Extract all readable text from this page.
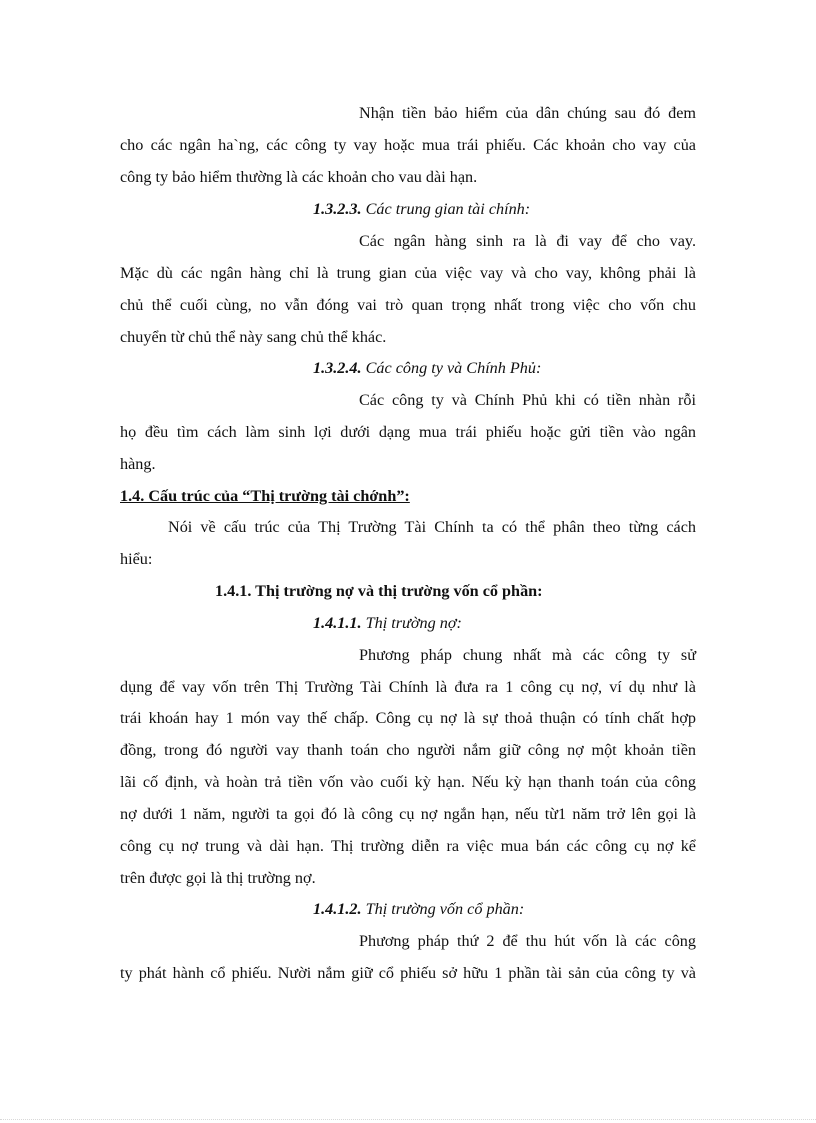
Nhận tiền bảo hiểm của dân chúng sau đó đem
cho các ngân ha`ng, các công ty vay hoặc mua trái phiếu. Các khoản cho vay của
công ty bảo hiểm thường là các khoản cho vau dài hạn.
1.3.2.3. Các trung gian tài chính:
Các ngân hàng sinh ra là đi vay để cho vay.
Mặc dù các ngân hàng chỉ là trung gian của việc vay và cho vay, không phải là
chủ thể cuối cùng, no vẫn đóng vai trò quan trọng nhất trong việc cho vốn chu
chuyển từ chủ thể này sang chủ thể khác.
1.3.2.4. Các công ty và Chính Phủ:
Các công ty và Chính Phủ khi có tiền nhàn rỗi
họ đều tìm cách làm sinh lợi dưới dạng mua trái phiếu hoặc gửi tiền vào ngân
hàng.
1.4. Cấu trúc của “Thị trường tài chớnh”:
Nói về cấu trúc của Thị Trường Tài Chính ta có thể phân theo từng cách
hiểu:
1.4.1. Thị trường nợ và thị trường vốn cổ phần:
1.4.1.1. Thị trường nợ:
Phương pháp chung nhất mà các công ty sử
dụng để vay vốn trên Thị Trường Tài Chính là đưa ra 1 công cụ nợ, ví dụ như là
trái khoán hay 1 món vay thế chấp. Công cụ nợ là sự thoả thuận có tính chất hợp
đồng, trong đó người vay thanh toán cho người nắm giữ công nợ một khoản tiền
lãi cố định, và hoàn trả tiền vốn vào cuối kỳ hạn. Nếu kỳ hạn thanh toán của công
nợ dưới 1 năm, người ta gọi đó là công cụ nợ ngắn hạn, nếu từ1 năm trở lên gọi là
công cụ nợ trung và dài hạn. Thị trường diễn ra việc mua bán các công cụ nợ kể
trên được gọi là thị trường nợ.
1.4.1.2. Thị trường vốn cổ phần:
Phương pháp thứ 2 để thu hút vốn là các công
ty phát hành cổ phiếu. Nười nắm giữ cổ phiếu sở hữu 1 phần tài sản của công ty và
